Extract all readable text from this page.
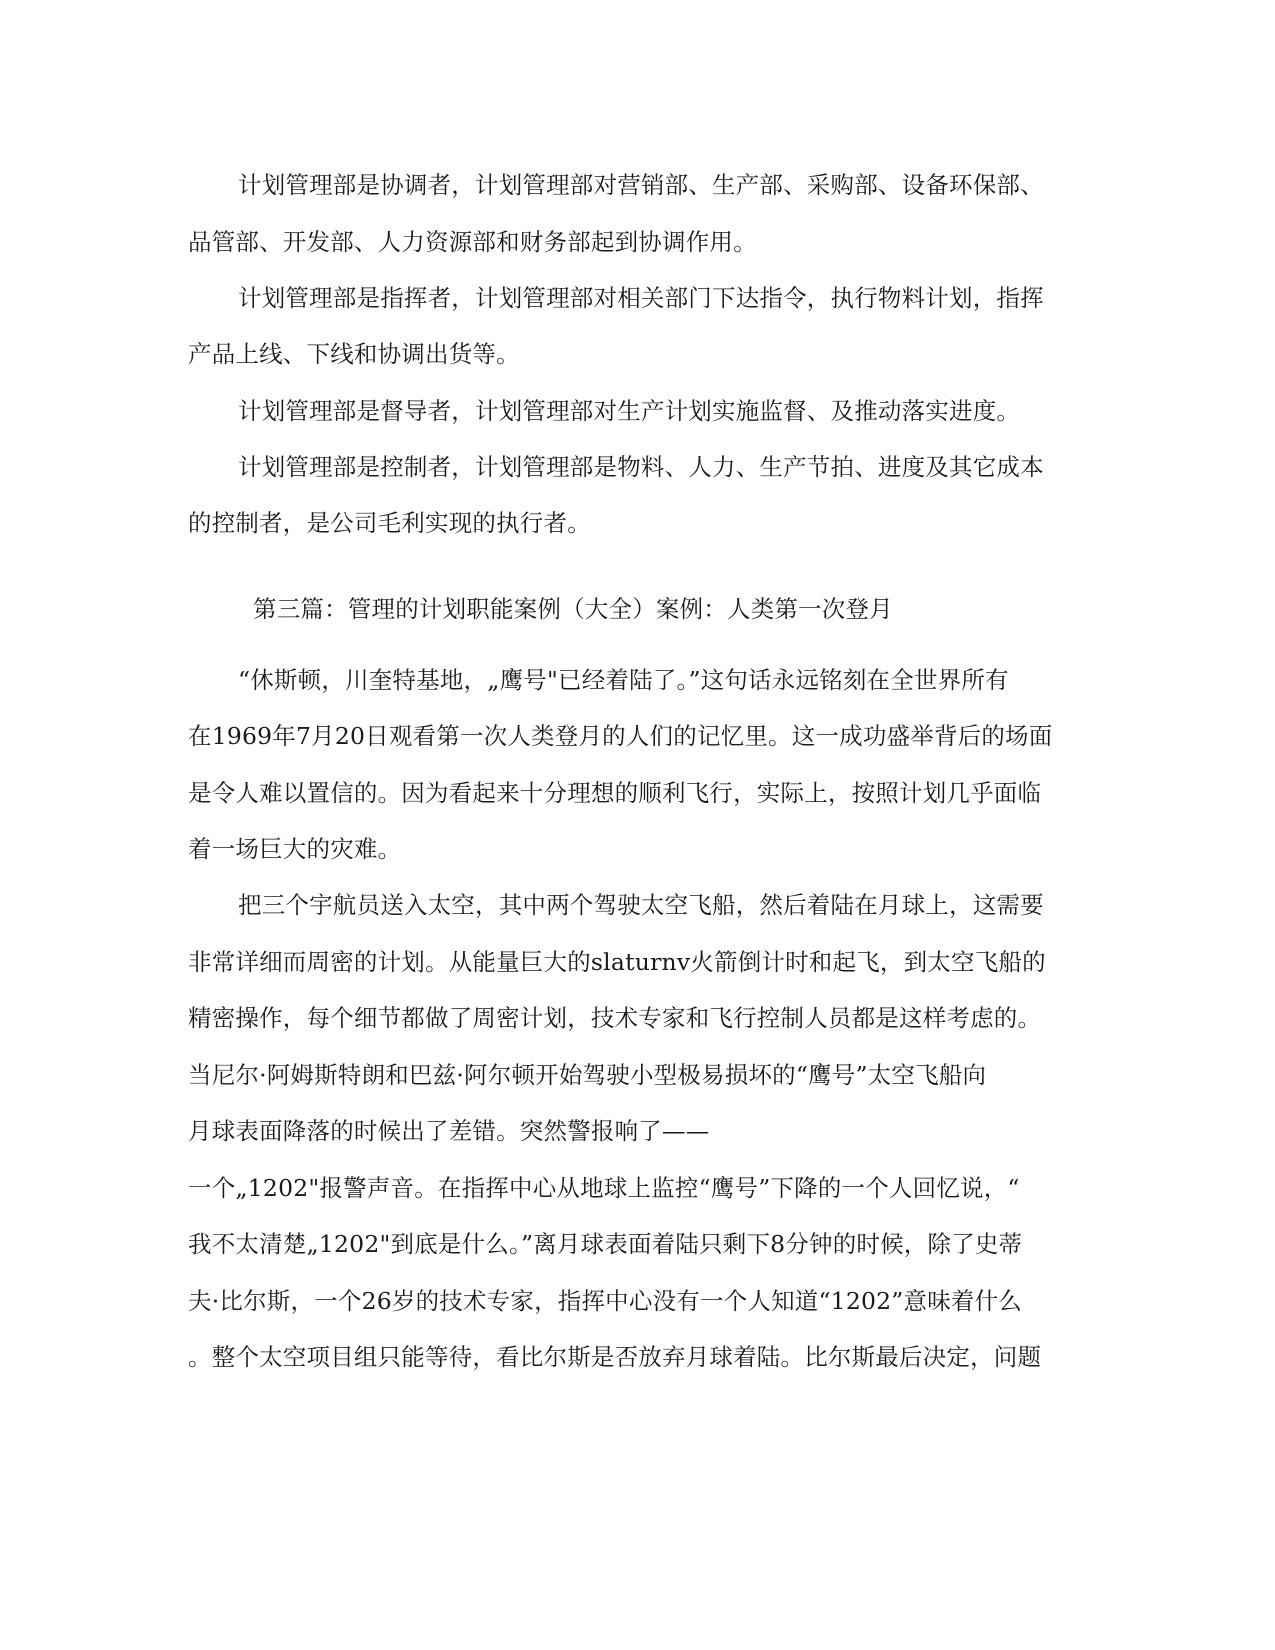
计划管理部是协调者，计划管理部对营销部、生产部、采购部、设备环保部、
品管部、开发部、人力资源部和财务部起到协调作用。
计划管理部是指挥者，计划管理部对相关部门下达指令，执行物料计划，指挥
产品上线、下线和协调出货等。
计划管理部是督导者，计划管理部对生产计划实施监督、及推动落实进度。
计划管理部是控制者，计划管理部是物料、人力、生产节拍、进度及其它成本
的控制者，是公司毛利实现的执行者。
第三篇：管理的计划职能案例（大全）案例：人类第一次登月
“休斯顿，川奎特基地，„鹰号"已经着陆了。”这句话永远铭刻在全世界所有
在1969年7月20日观看第一次人类登月的人们的记忆里。这一成功盛举背后的场面
是令人难以置信的。因为看起来十分理想的顺利飞行，实际上，按照计划几乎面临
着一场巨大的灾难。
把三个宇航员送入太空，其中两个驾驶太空飞船，然后着陆在月球上，这需要
非常详细而周密的计划。从能量巨大的slaturnv火箭倒计时和起飞，到太空飞船的
精密操作，每个细节都做了周密计划，技术专家和飞行控制人员都是这样考虑的。
当尼尔·阿姆斯特朗和巴兹·阿尔顿开始驾驶小型极易损坏的“鹰号”太空飞船向
月球表面降落的时候出了差错。突然警报响了——
一个„1202"报警声音。在指挥中心从地球上监控“鹰号”下降的一个人回忆说，“
我不太清楚„1202"到底是什么。”离月球表面着陆只剩下8分钟的时候，除了史蒂
夫·比尔斯，一个26岁的技术专家，指挥中心没有一个人知道“1202”意味着什么
。整个太空项目组只能等待，看比尔斯是否放弃月球着陆。比尔斯最后决定，问题
